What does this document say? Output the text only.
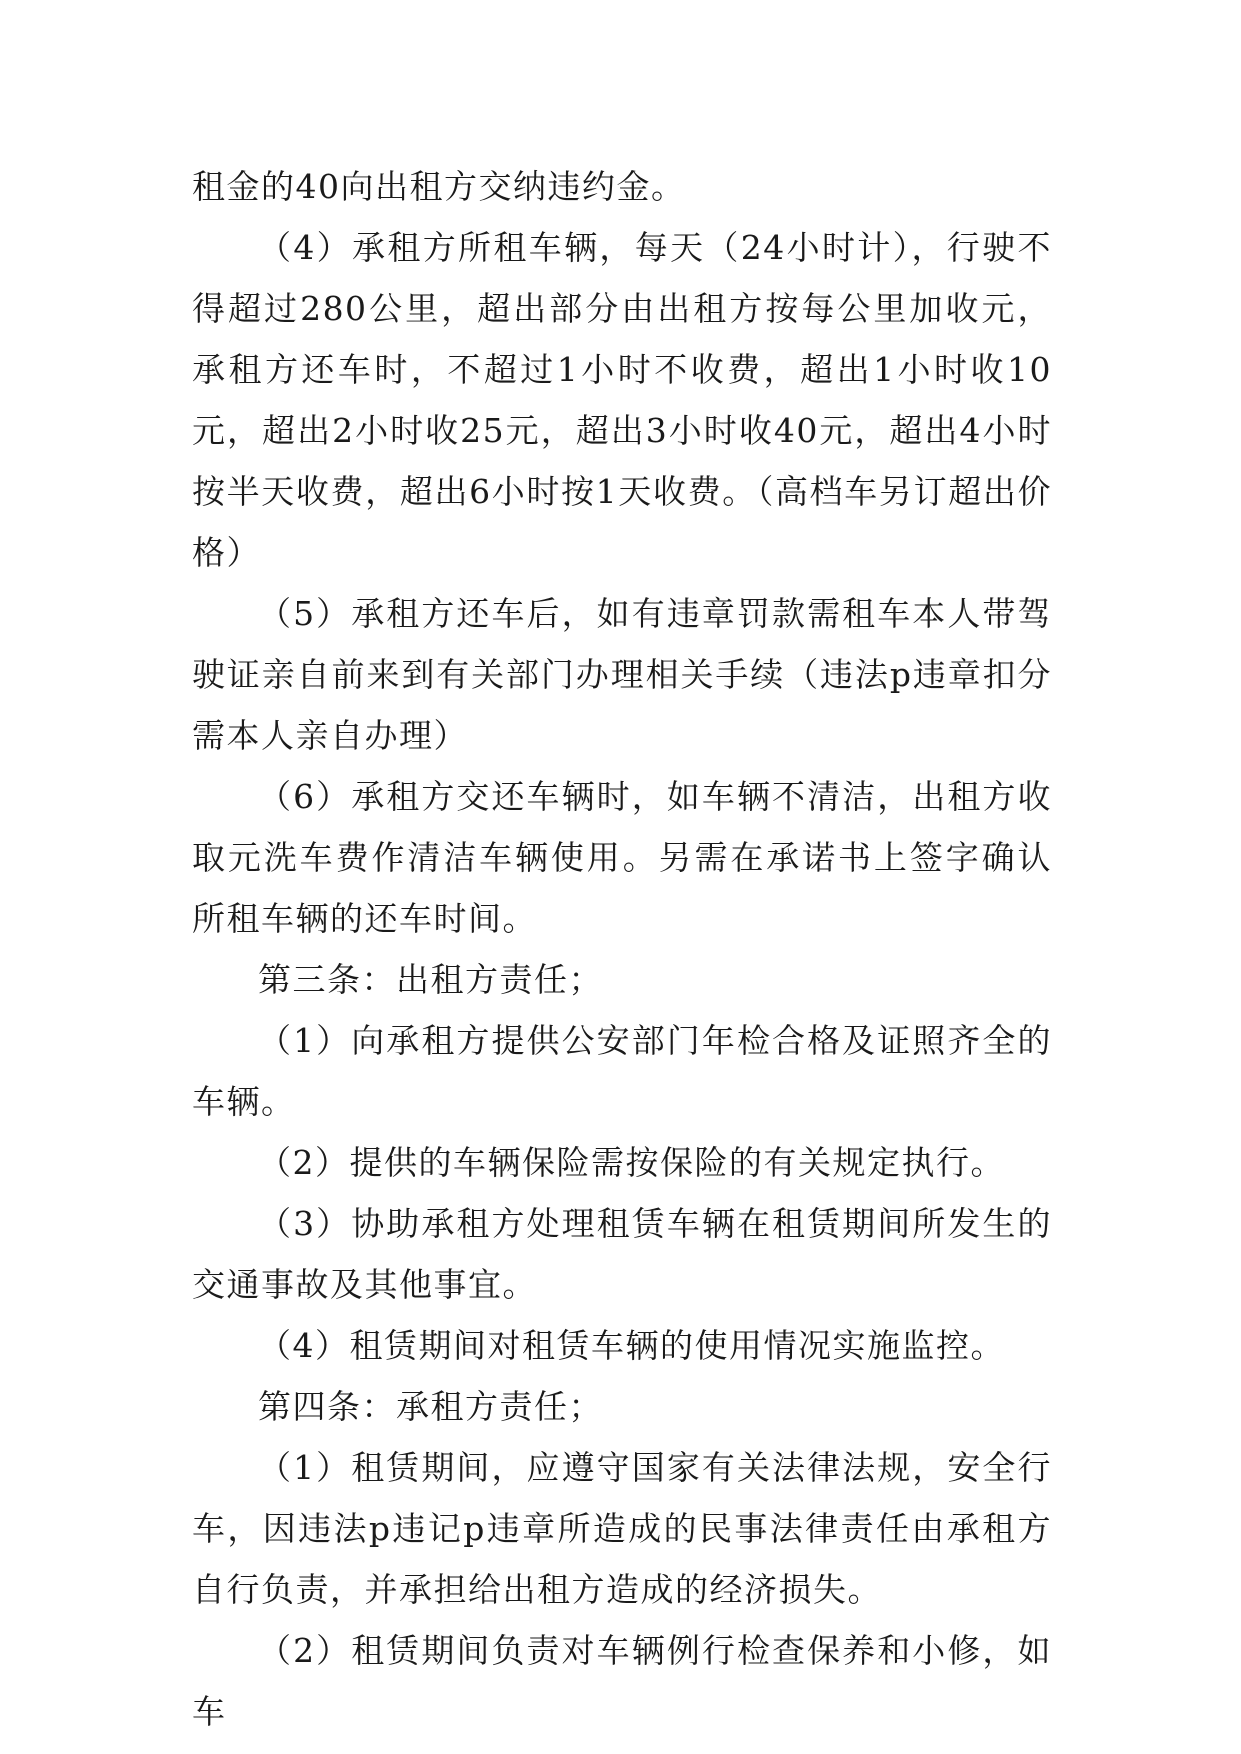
租金的40向出租方交纳违约金。

（4）承租方所租车辆，每天（24小时计），行驶不得超过280公里，超出部分由出租方按每公里加收元，承租方还车时，不超过1小时不收费，超出1小时收10元，超出2小时收25元，超出3小时收40元，超出4小时按半天收费，超出6小时按1天收费。（高档车另订超出价格）

（5）承租方还车后，如有违章罚款需租车本人带驾驶证亲自前来到有关部门办理相关手续（违法p违章扣分需本人亲自办理）

（6）承租方交还车辆时，如车辆不清洁，出租方收取元洗车费作清洁车辆使用。另需在承诺书上签字确认所租车辆的还车时间。

第三条：出租方责任；

（1）向承租方提供公安部门年检合格及证照齐全的车辆。

（2）提供的车辆保险需按保险的有关规定执行。

（3）协助承租方处理租赁车辆在租赁期间所发生的交通事故及其他事宜。

（4）租赁期间对租赁车辆的使用情况实施监控。

第四条：承租方责任；

（1）租赁期间，应遵守国家有关法律法规，安全行车，因违法p违记p违章所造成的民事法律责任由承租方自行负责，并承担给出租方造成的经济损失。

（2）租赁期间负责对车辆例行检查保养和小修，如车
